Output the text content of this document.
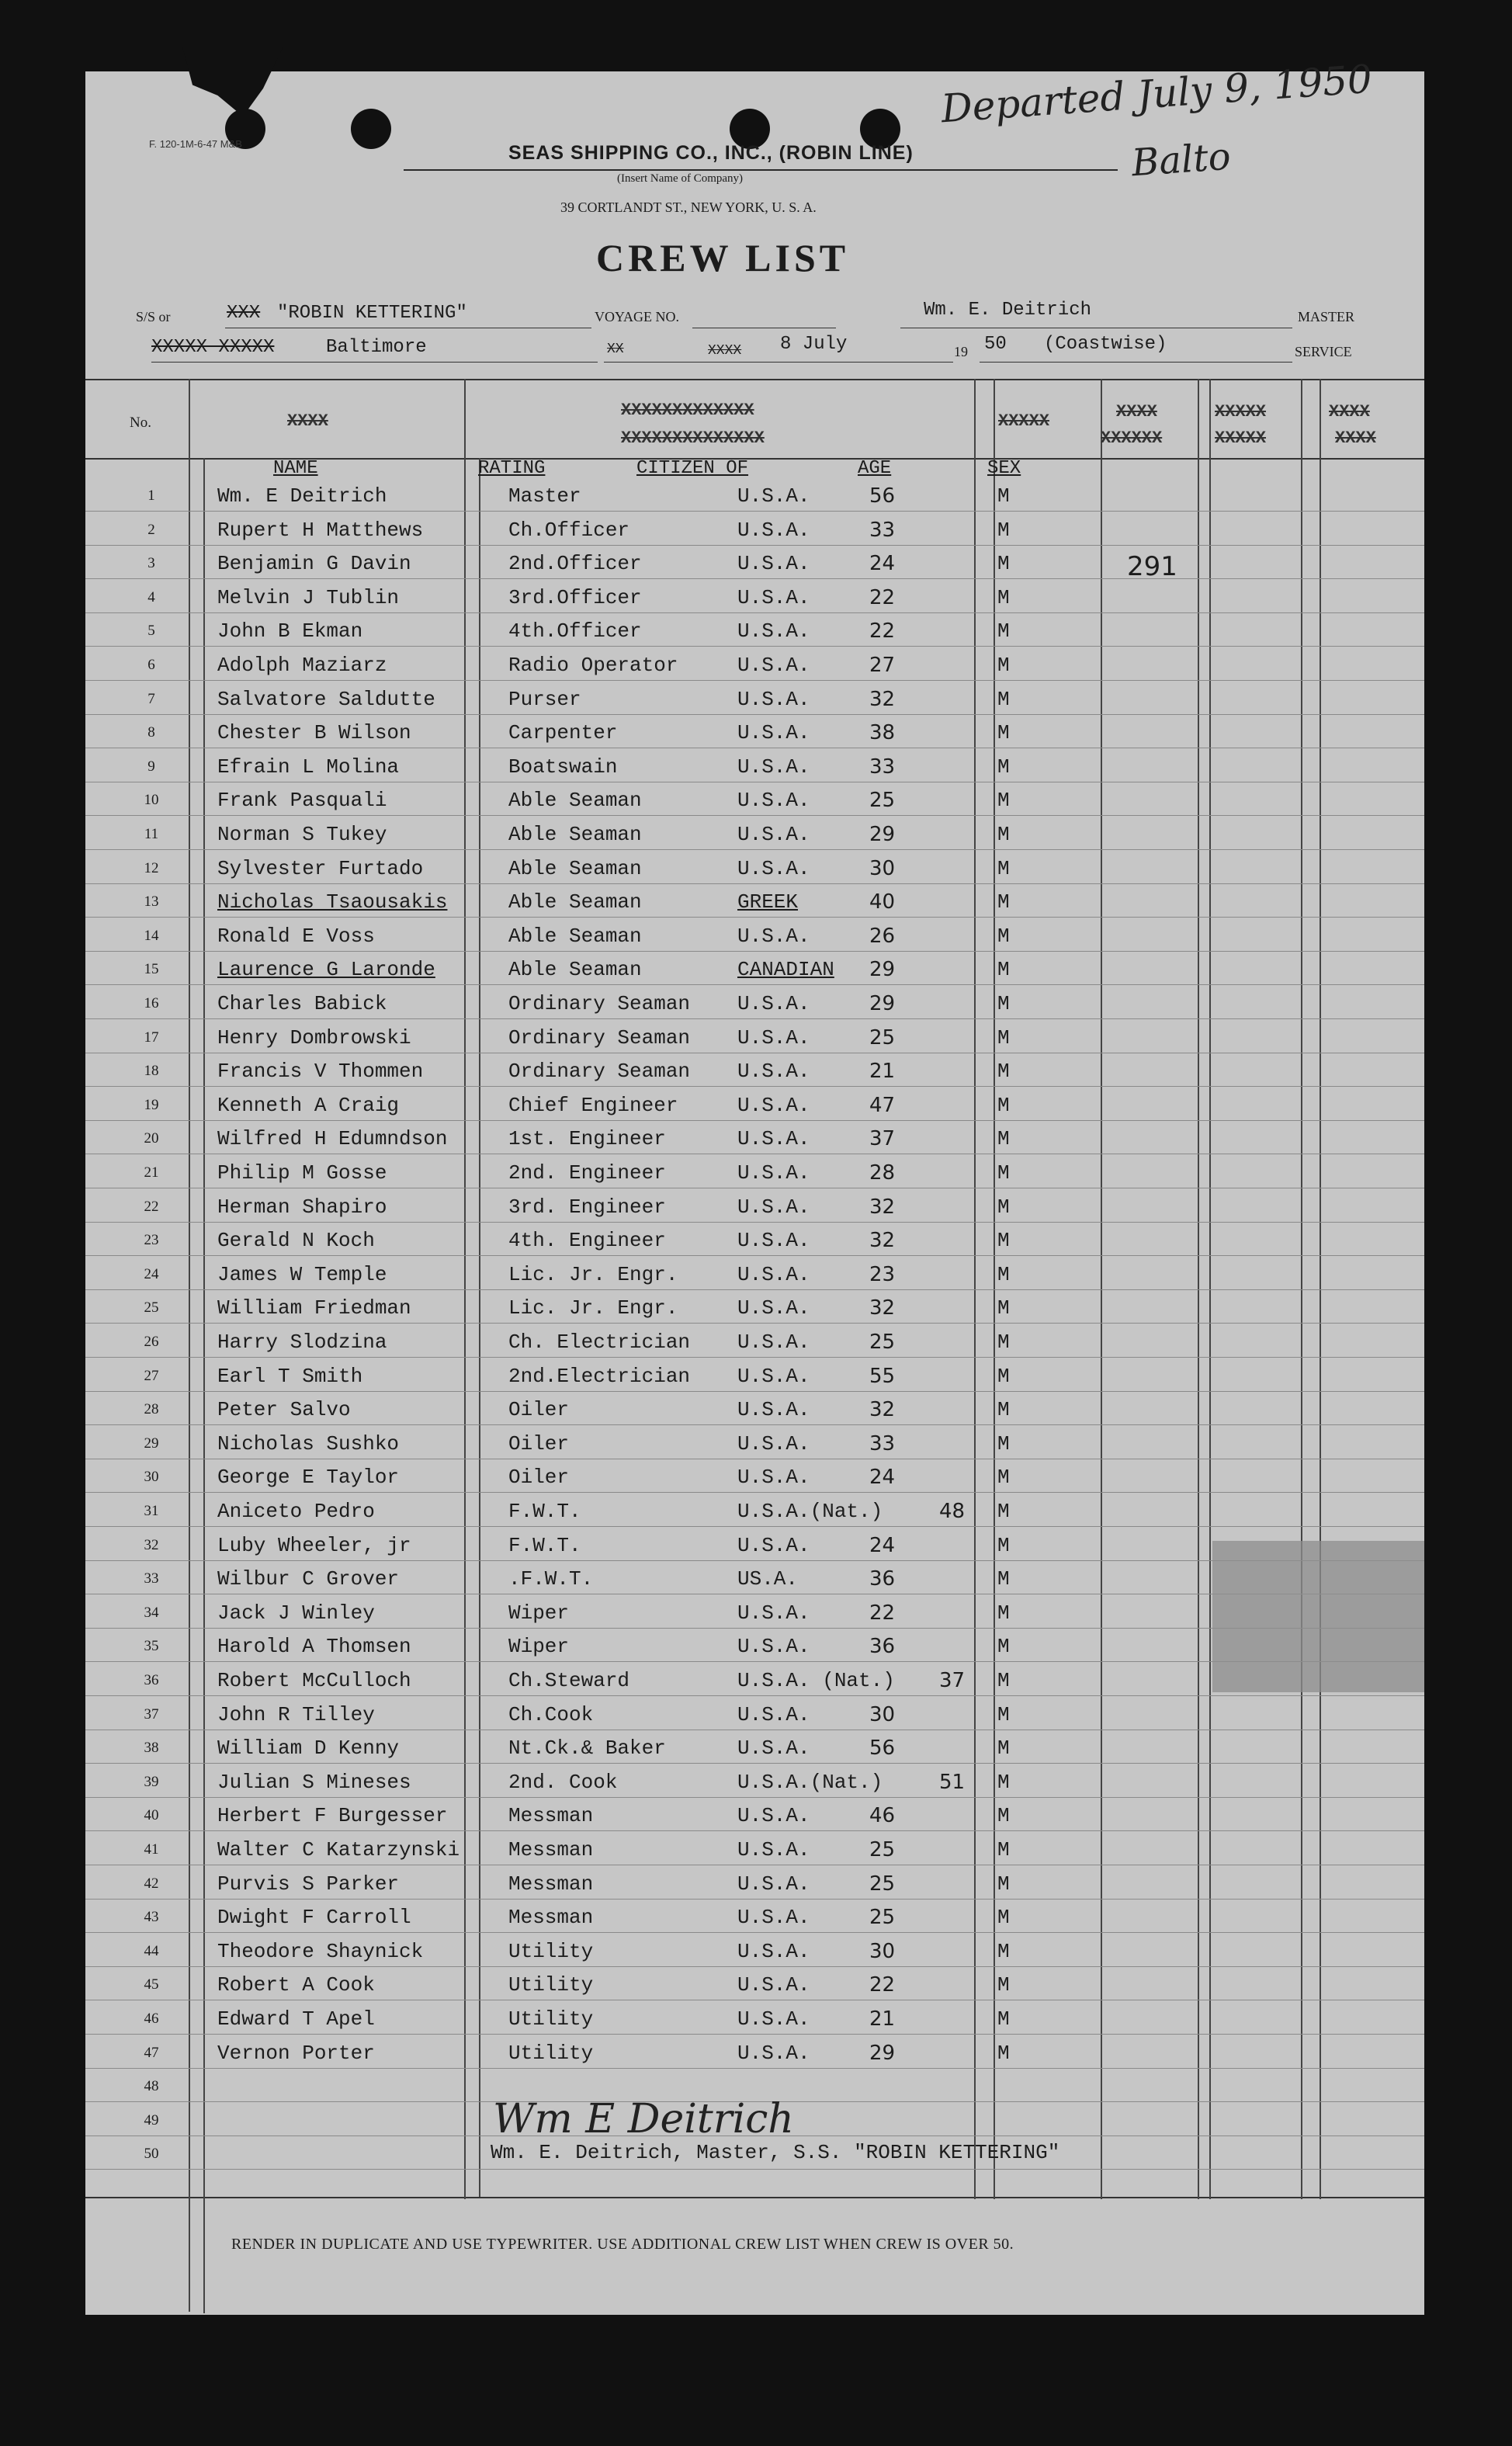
F. 120-1M-6-47 M&B	SEAS SHIPPING CO., INC., (ROBIN LINE)
(Insert Name of Company)
39 CORTLANDT ST., NEW YORK, U. S. A.
CREW LIST
Departed July 9, 1950
Balto
S/S or	XXX "ROBIN KETTERING"	VOYAGE NO.	Wm. E. Deitrich	MASTER
XXXXX XXXXX	Baltimore	XX	XXXX 8 July	19 50 (Coastwise)	SERVICE
No.	XXXX
XXXXXXXXXXXXX
XXXXXXXXXXXXXX
XXXXX	XXXX
XXXXXX
XXXXX
XXXXX
XXXX
XXXX
NAME	RATING	CITIZEN OF	AGE	SEX
1	Wm. E Deitrich	Master	U.S.A.	56	M
2	Rupert H Matthews	Ch.Officer	U.S.A.	33	M
3	Benjamin G Davin	2nd.Officer	U.S.A.	24	M
4	Melvin J Tublin	3rd.Officer	U.S.A.	22	M
5	John B Ekman	4th.Officer	U.S.A.	22	M
6	Adolph Maziarz	Radio Operator	U.S.A.	27	M
7	Salvatore Saldutte	Purser	U.S.A.	32	M
8	Chester B Wilson	Carpenter	U.S.A.	38	M
9	Efrain L Molina	Boatswain	U.S.A.	33	M
10	Frank Pasquali	Able Seaman	U.S.A.	25	M
11	Norman S Tukey	Able Seaman	U.S.A.	29	M
12	Sylvester Furtado	Able Seaman	U.S.A.	30	M
13	Nicholas Tsaousakis	Able Seaman	GREEK	40	M
14	Ronald E Voss	Able Seaman	U.S.A.	26	M
15	Laurence G Laronde	Able Seaman	CANADIAN 29	M
16	Charles Babick	Ordinary Seaman U.S.A.	29	M
17	Henry Dombrowski	Ordinary Seaman U.S.A.	25	M
18	Francis V Thommen	Ordinary Seaman U.S.A.	21	M
19	Kenneth A Craig	Chief Engineer	U.S.A.	47	M
20	Wilfred H Edumndson	1st. Engineer	U.S.A.	37	M
21	Philip M Gosse	2nd. Engineer	U.S.A.	28	M
22	Herman Shapiro	3rd. Engineer	U.S.A.	32	M
23	Gerald N Koch	4th. Engineer	U.S.A.	32	M
24	James W Temple	Lic. Jr. Engr.	U.S.A.	23	M
25	William Friedman	Lic. Jr. Engr.	U.S.A.	32	M
26	Harry Slodzina	Ch. Electrician U.S.A.	25	M
27	Earl T Smith	2nd.Electrician U.S.A.	55	M
28	Peter Salvo	Oiler	U.S.A.	32	M
29	Nicholas Sushko	Oiler	U.S.A.	33	M
30	George E Taylor	Oiler	U.S.A.	24	M
31	Aniceto Pedro	F.W.T.	U.S.A.(Nat.)	48 M
32	Luby Wheeler, jr	F.W.T.	U.S.A.	24	M
33	Wilbur C Grover	.F.W.T.	US.A.	36	M
34	Jack J Winley	Wiper	U.S.A.	22	M
35	Harold A Thomsen	Wiper	U.S.A.	36	M
36	Robert McCulloch	Ch.Steward	U.S.A. (Nat.) 37 M
37	John R Tilley	Ch.Cook	U.S.A.	30	M
38	William D Kenny	Nt.Ck.& Baker	U.S.A.	56	M
39	Julian S Mineses	2nd. Cook	U.S.A.(Nat.)	51 M
40	Herbert F Burgesser	Messman	U.S.A.	46	M
41	Walter C Katarzynski Messman	U.S.A.	25	M
42	Purvis S Parker	Messman	U.S.A.	25	M
43	Dwight F Carroll	Messman	U.S.A.	25	M
44	Theodore Shaynick	Utility	U.S.A.	30	M
45	Robert A Cook	Utility	U.S.A.	22	M
46	Edward T Apel	Utility	U.S.A.	21	M
47	Vernon Porter	Utility	U.S.A.	29	M
48
49
50
291
Wm E Deitrich
Wm. E. Deitrich, Master, S.S. "ROBIN KETTERING"
RENDER IN DUPLICATE AND USE TYPEWRITER. USE ADDITIONAL CREW LIST WHEN CREW IS OVER 50.
